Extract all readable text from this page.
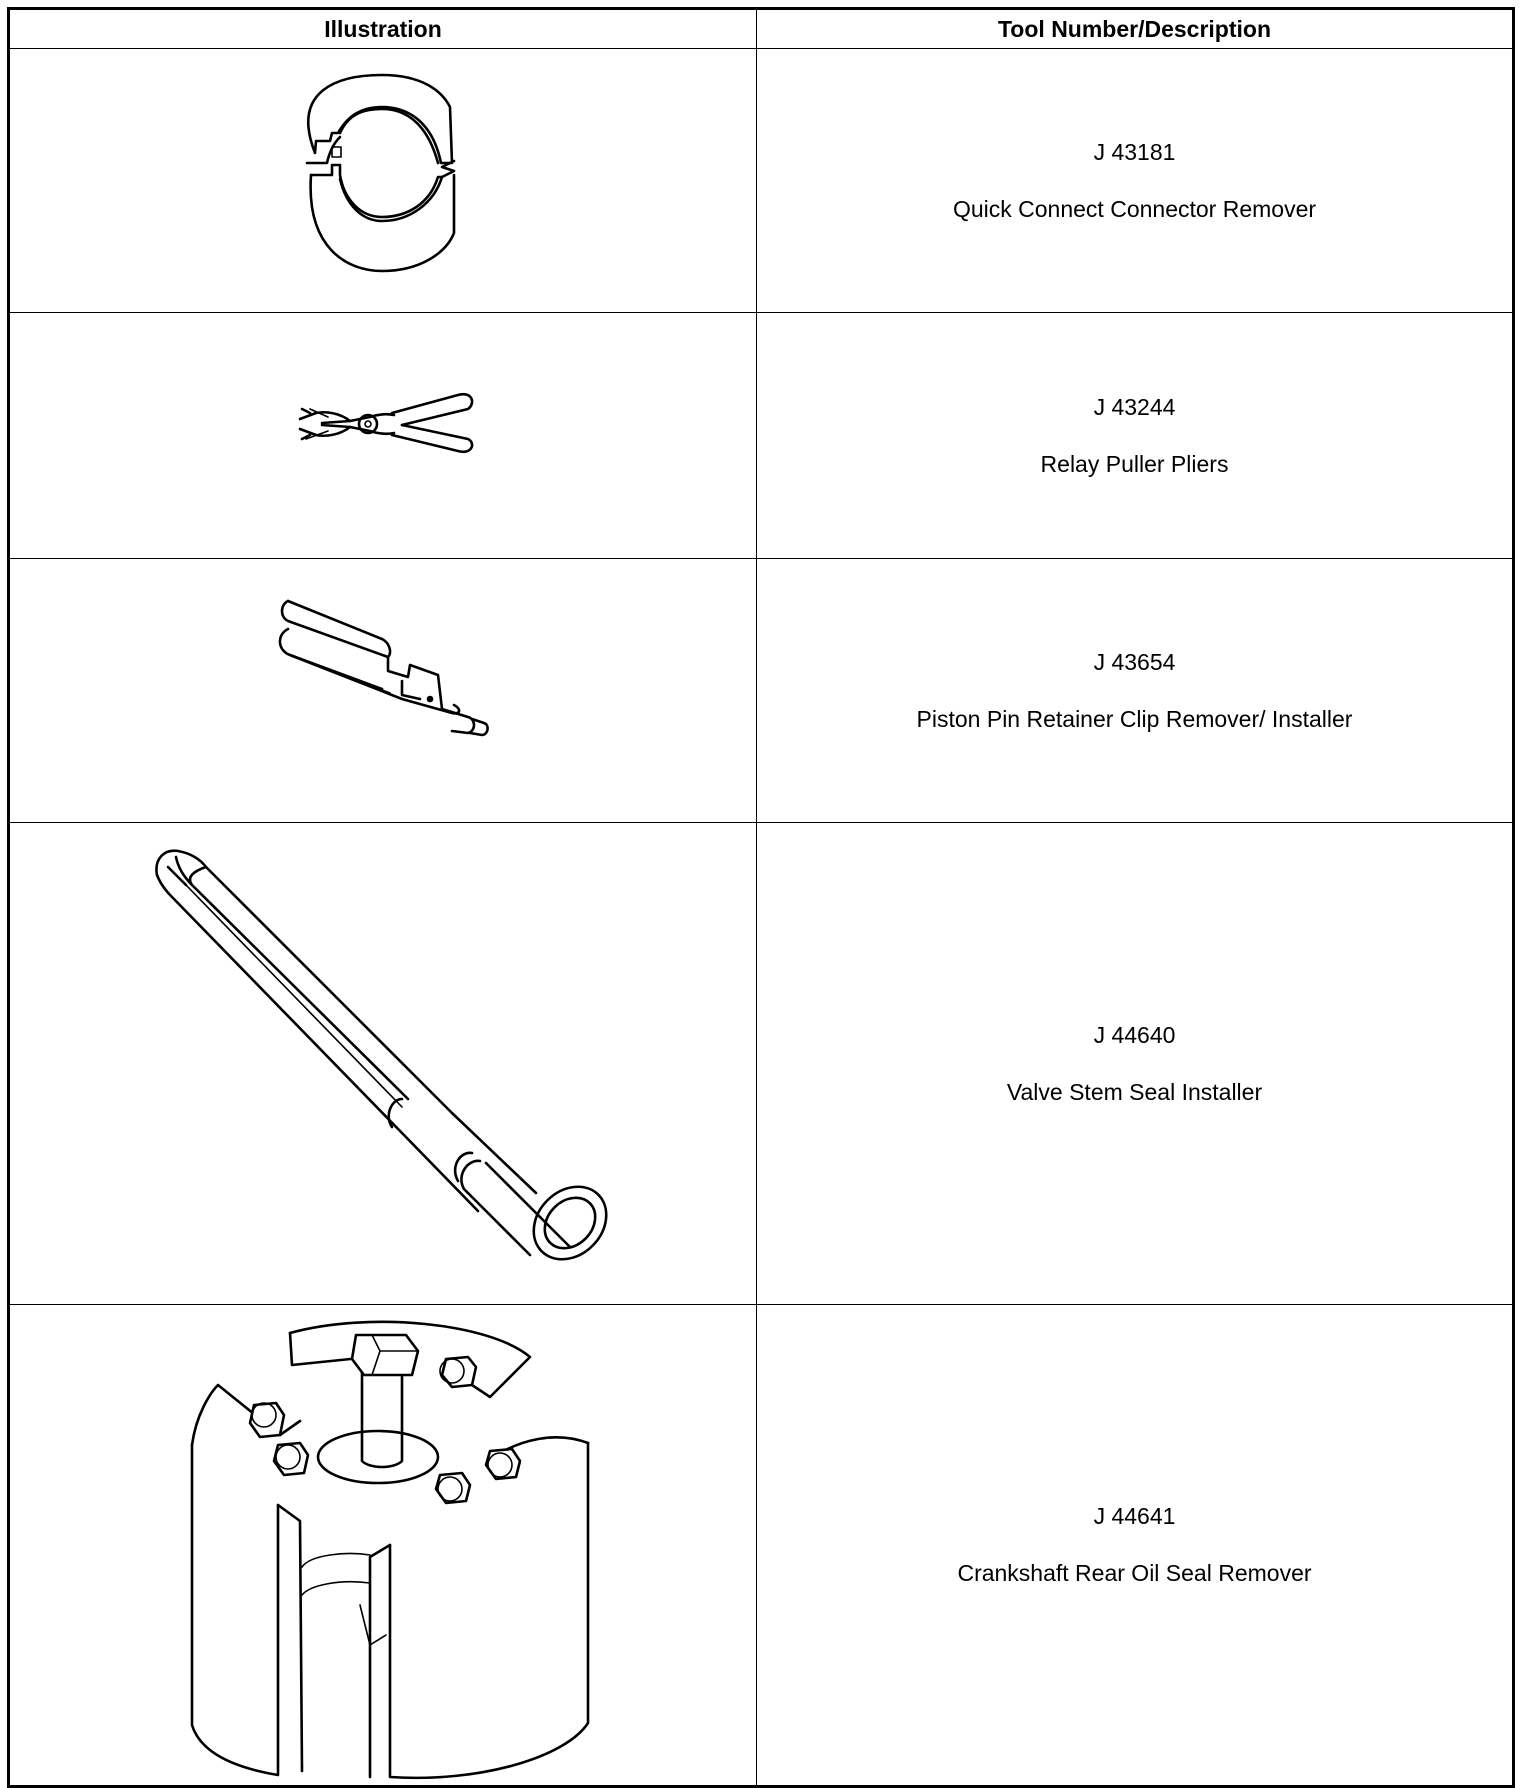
Illustration	Tool Number/Description

J 43181
Quick Connect Connector Remover

J 43244
Relay Puller Pliers

J 43654
Piston Pin Retainer Clip Remover/ Installer

J 44640
Valve Stem Seal Installer

J 44641
Crankshaft Rear Oil Seal Remover
